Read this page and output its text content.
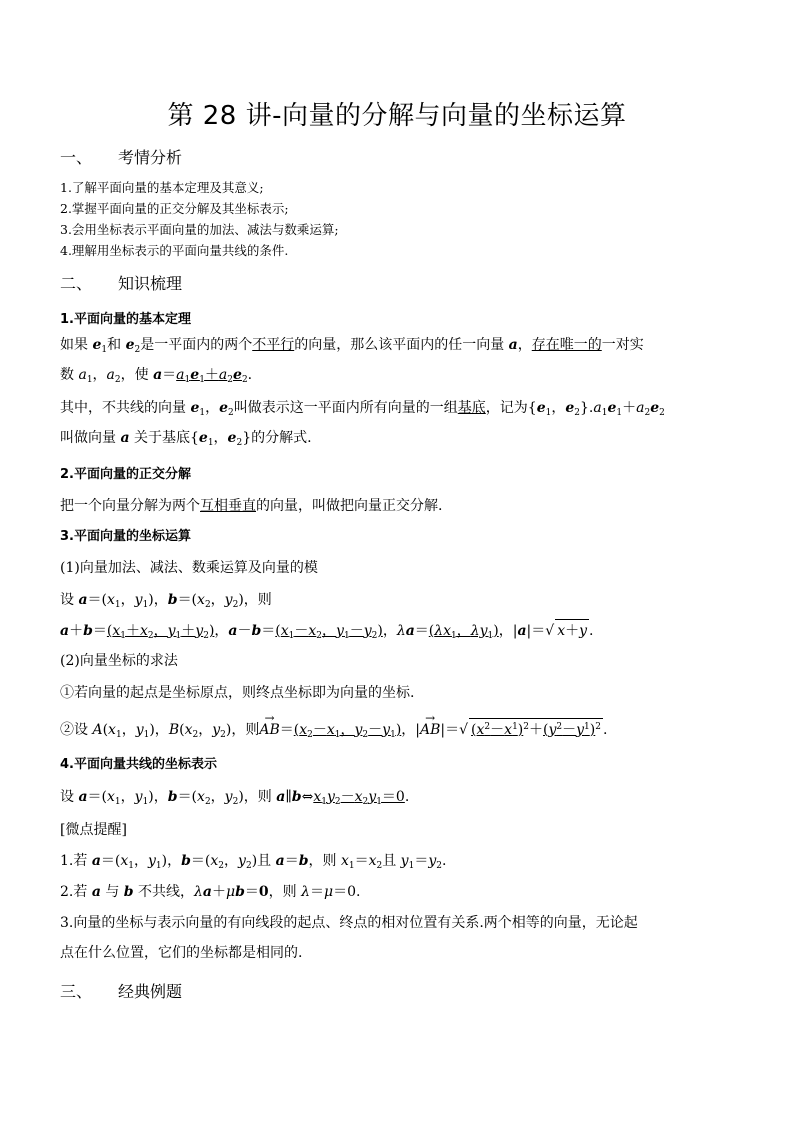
第 28 讲-向量的分解与向量的坐标运算
一、 考情分析
1.了解平面向量的基本定理及其意义;
2.掌握平面向量的正交分解及其坐标表示;
3.会用坐标表示平面向量的加法、减法与数乘运算;
4.理解用坐标表示的平面向量共线的条件.
二、 知识梳理
1.平面向量的基本定理
如果 $e_1$和 $e_2$是一平面内的两个不平行的向量，那么该平面内的任一向量 a，存在唯一的一对实
数 $a_1$，$a_2$，使 $a=a_1e_1+a_2e_2$.
其中，不共线的向量 $e_1$，$e_2$叫做表示这一平面内所有向量的一组基底，记为{$e_1$，$e_2\}.a_1e_1+a_2e_2$
叫做向量 a 关于基底{$e_1$，$e_2$}的分解式.
2.平面向量的正交分解
把一个向量分解为两个互相垂直的向量，叫做把向量正交分解.
3.平面向量的坐标运算
(1)向量加法、减法、数乘运算及向量的模
设 $a=(x_1$，$y_1$)，$b=(x_2$，$y_2$)，则
$a+b=(x_1+x_2$，$y_1+y_2$)，$a-b=(x_1-x_2$，$y_1-y_2$)，$\lambda a=(\lambda x_1$，$\lambda y_1$)，|a|＝√ x＋y .
(2)向量坐标的求法
①若向量的起点是坐标原点，则终点坐标即为向量的坐标.
②设 $A(x_1$，$y_1$)，$B(x_2$，$y_2$)，则→ $AB=(x_2-x_1$，$y_2-y_1$)，|→ AB|＝√ $(x^2-x^1)^2+(y^2-y^1)^2$ .
4.平面向量共线的坐标表示
设 $a=(x_1$，$y_1$)，$b=(x_2$，$y_2$)，则 $a\parallel b\Leftrightarrow x_1y_2-x_2y_1=0$.
[微点提醒]
1.若 $a=(x_1$，$y_1$)，$b=(x_2$，$y_2$)且 a＝b，则 $x_1=x_2$且 $y_1=y_2$.
2.若 a 与 b 不共线，λa＋μb＝0，则 λ＝μ＝0.
3.向量的坐标与表示向量的有向线段的起点、终点的相对位置有关系.两个相等的向量，无论起
点在什么位置，它们的坐标都是相同的.
三、 经典例题
